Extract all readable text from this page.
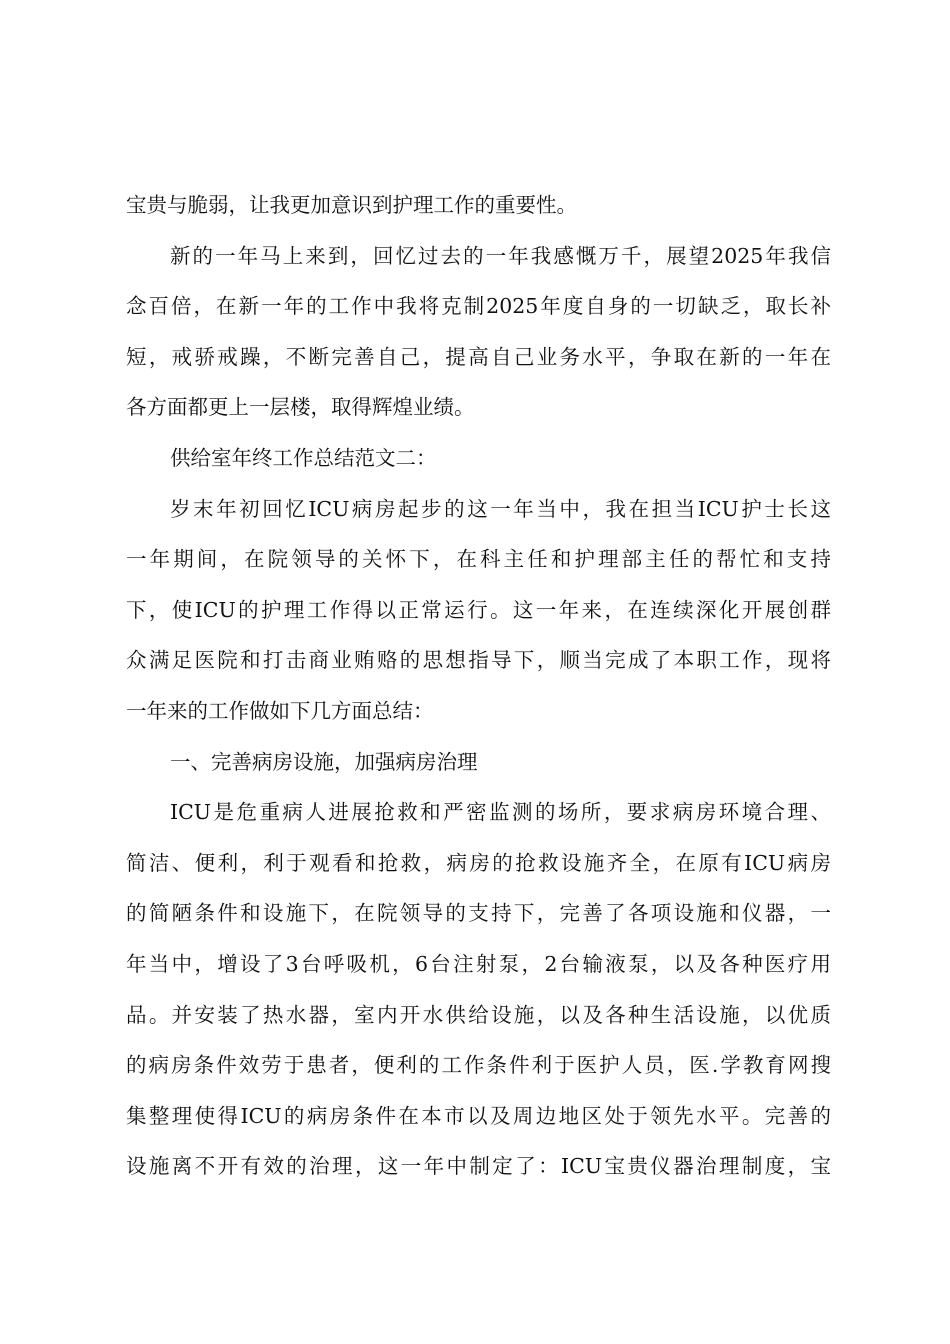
宝贵与脆弱，让我更加意识到护理工作的重要性。
新的一年马上来到，回忆过去的一年我感慨万千，展望2025年我信
念百倍，在新一年的工作中我将克制2025年度自身的一切缺乏，取长补
短，戒骄戒躁，不断完善自己，提高自己业务水平，争取在新的一年在
各方面都更上一层楼，取得辉煌业绩。
供给室年终工作总结范文二：
岁末年初回忆ICU病房起步的这一年当中，我在担当ICU护士长这
一年期间，在院领导的关怀下，在科主任和护理部主任的帮忙和支持
下，使ICU的护理工作得以正常运行。这一年来，在连续深化开展创群
众满足医院和打击商业贿赂的思想指导下，顺当完成了本职工作，现将
一年来的工作做如下几方面总结：
一、完善病房设施，加强病房治理
ICU是危重病人进展抢救和严密监测的场所，要求病房环境合理、
简洁、便利，利于观看和抢救，病房的抢救设施齐全，在原有ICU病房
的简陋条件和设施下，在院领导的支持下，完善了各项设施和仪器，一
年当中，增设了3台呼吸机，6台注射泵，2台输液泵，以及各种医疗用
品。并安装了热水器，室内开水供给设施，以及各种生活设施，以优质
的病房条件效劳于患者，便利的工作条件利于医护人员，医.学教育网搜
集整理使得ICU的病房条件在本市以及周边地区处于领先水平。完善的
设施离不开有效的治理，这一年中制定了：ICU宝贵仪器治理制度，宝
